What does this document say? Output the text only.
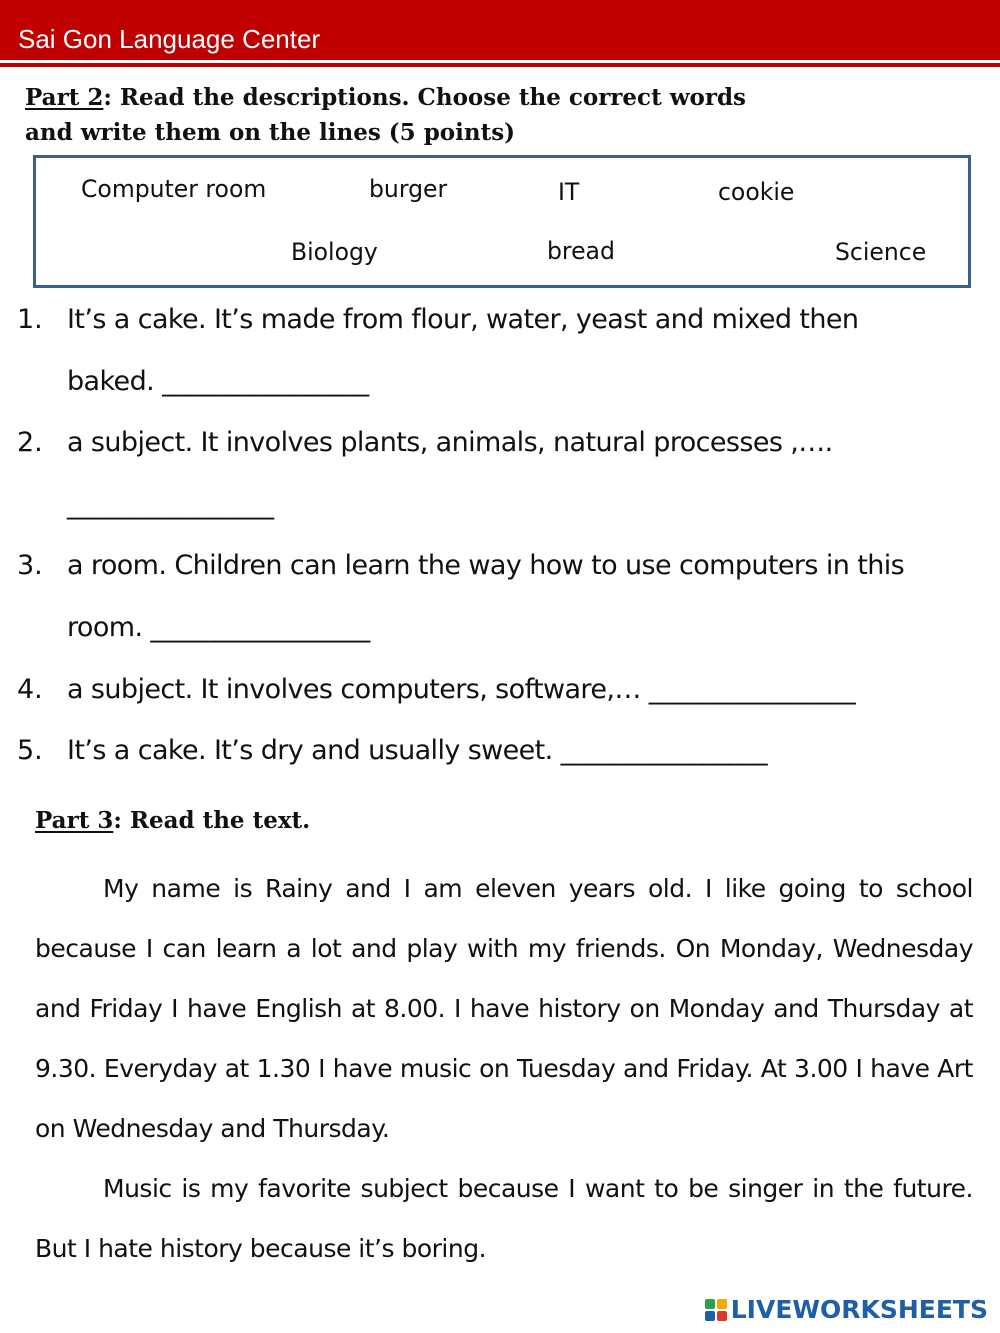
Sai Gon Language Center
Part 2: Read the descriptions. Choose the correct words
and write them on the lines (5 points)
Computer room	burger	IT	cookie
Biology	bread	Science
1. It’s a cake. It’s made from flour, water, yeast and mixed then
baked. ________________
2. a subject. It involves plants, animals, natural processes ,….
________________
3. a room. Children can learn the way how to use computers in this
room. _________________
4. a subject. It involves computers, software,… ________________
5. It’s a cake. It’s dry and usually sweet. ________________
Part 3: Read the text.

My name is Rainy and I am eleven years old. I like going to school because I can learn a lot and play with my friends. On Monday, Wednesday and Friday I have English at 8.00. I have history on Monday and Thursday at 9.30. Everyday at 1.30 I have music on Tuesday and Friday. At 3.00 I have Art on Wednesday and Thursday.

Music is my favorite subject because I want to be singer in the future. But I hate history because it’s boring.

LIVEWORKSHEETS
